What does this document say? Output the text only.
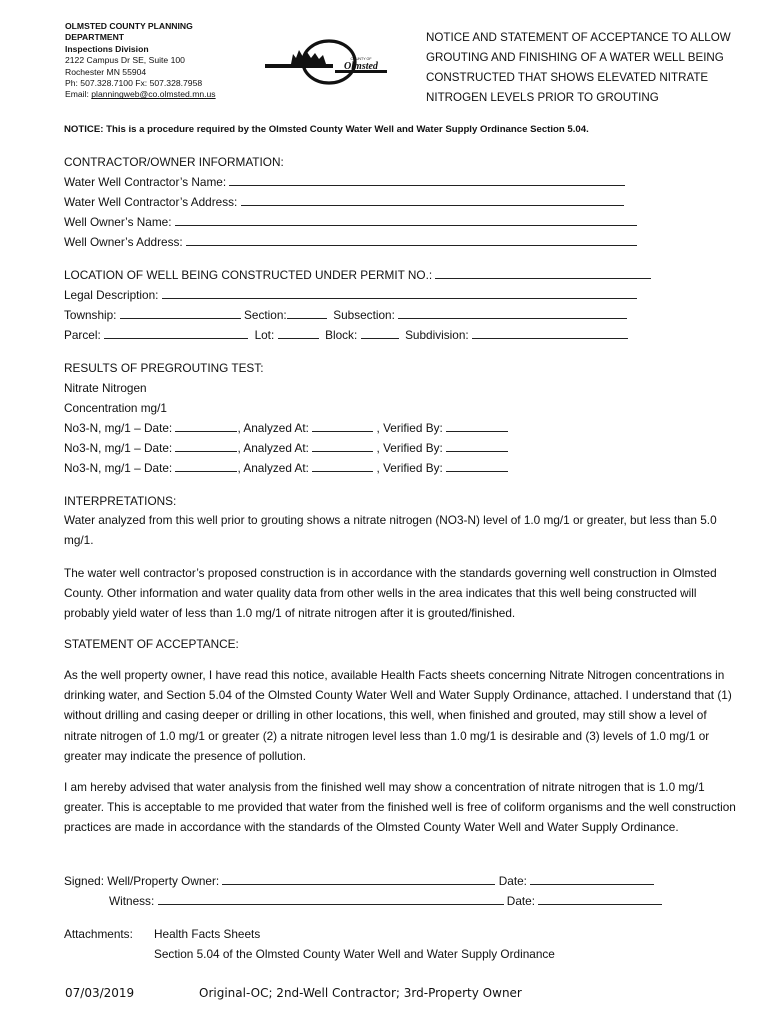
OLMSTED COUNTY PLANNING
DEPARTMENT
Inspections Division
2122 Campus Dr SE, Suite 100
Rochester MN 55904
Ph: 507.328.7100 Fx: 507.328.7958
Email: planningweb@co.olmsted.mn.us
COUNTY OF
Olmsted
NOTICE AND STATEMENT OF ACCEPTANCE TO ALLOW
GROUTING AND FINISHING OF A WATER WELL BEING
CONSTRUCTED THAT SHOWS ELEVATED NITRATE
NITROGEN LEVELS PRIOR TO GROUTING
NOTICE: This is a procedure required by the Olmsted County Water Well and Water Supply Ordinance Section 5.04.
CONTRACTOR/OWNER INFORMATION:
Water Well Contractor’s Name:
Water Well Contractor’s Address:
Well Owner’s Name:
Well Owner’s Address:
LOCATION OF WELL BEING CONSTRUCTED UNDER PERMIT NO.:
Legal Description:
Township:	Section:	Subsection:
Parcel:	Lot:	Block:	Subdivision:
RESULTS OF PREGROUTING TEST:
Nitrate Nitrogen
Concentration mg/1
No3-N, mg/1 – Date:	, Analyzed At:	, Verified By:
No3-N, mg/1 – Date:	, Analyzed At:	, Verified By:
No3-N, mg/1 – Date:	, Analyzed At:	, Verified By:
INTERPRETATIONS:
Water analyzed from this well prior to grouting shows a nitrate nitrogen (NO3-N) level of 1.0 mg/1 or greater, but less than 5.0 mg/1.
The water well contractor’s proposed construction is in accordance with the standards governing well construction in Olmsted County. Other information and water quality data from other wells in the area indicates that this well being constructed will probably yield water of less than 1.0 mg/1 of nitrate nitrogen after it is grouted/finished.
STATEMENT OF ACCEPTANCE:
As the well property owner, I have read this notice, available Health Facts sheets concerning Nitrate Nitrogen concentrations in drinking water, and Section 5.04 of the Olmsted County Water Well and Water Supply Ordinance, attached. I understand that (1) without drilling and casing deeper or drilling in other locations, this well, when finished and grouted, may still show a level of nitrate nitrogen of 1.0 mg/1 or greater (2) a nitrate nitrogen level less than 1.0 mg/1 is desirable and (3) levels of 1.0 mg/1 or greater may indicate the presence of pollution.
I am hereby advised that water analysis from the finished well may show a concentration of nitrate nitrogen that is 1.0 mg/1 greater. This is acceptable to me provided that water from the finished well is free of coliform organisms and the well construction practices are made in accordance with the standards of the Olmsted County Water Well and Water Supply Ordinance.
Signed: Well/Property Owner:	Date:
Witness:	Date:
Attachments: Health Facts Sheets
Section 5.04 of the Olmsted County Water Well and Water Supply Ordinance
07/03/2019	Original-OC; 2nd-Well Contractor; 3rd-Property Owner
